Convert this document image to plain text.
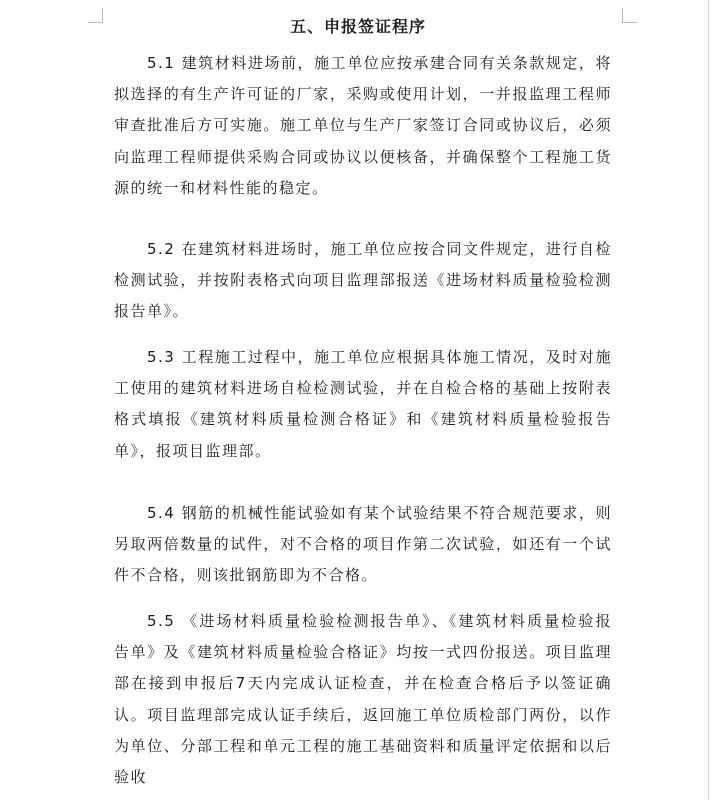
五、申报签证程序

5.1 建筑材料进场前，施工单位应按承建合同有关条款规定，将拟选择的有生产许可证的厂家，采购或使用计划，一并报监理工程师审查批准后方可实施。施工单位与生产厂家签订合同或协议后，必须向监理工程师提供采购合同或协议以便核备，并确保整个工程施工货源的统一和材料性能的稳定。

5.2 在建筑材料进场时，施工单位应按合同文件规定，进行自检检测试验，并按附表格式向项目监理部报送《进场材料质量检验检测报告单》。

5.3 工程施工过程中，施工单位应根据具体施工情况，及时对施工使用的建筑材料进场自检检测试验，并在自检合格的基础上按附表格式填报《建筑材料质量检测合格证》和《建筑材料质量检验报告单》，报项目监理部。

5.4 钢筋的机械性能试验如有某个试验结果不符合规范要求，则另取两倍数量的试件，对不合格的项目作第二次试验，如还有一个试件不合格，则该批钢筋即为不合格。

5.5 《进场材料质量检验检测报告单》、《建筑材料质量检验报告单》及《建筑材料质量检验合格证》均按一式四份报送。项目监理部在接到申报后7天内完成认证检查，并在检查合格后予以签证确认。项目监理部完成认证手续后，返回施工单位质检部门两份，以作为单位、分部工程和单元工程的施工基础资料和质量评定依据和以后验收
